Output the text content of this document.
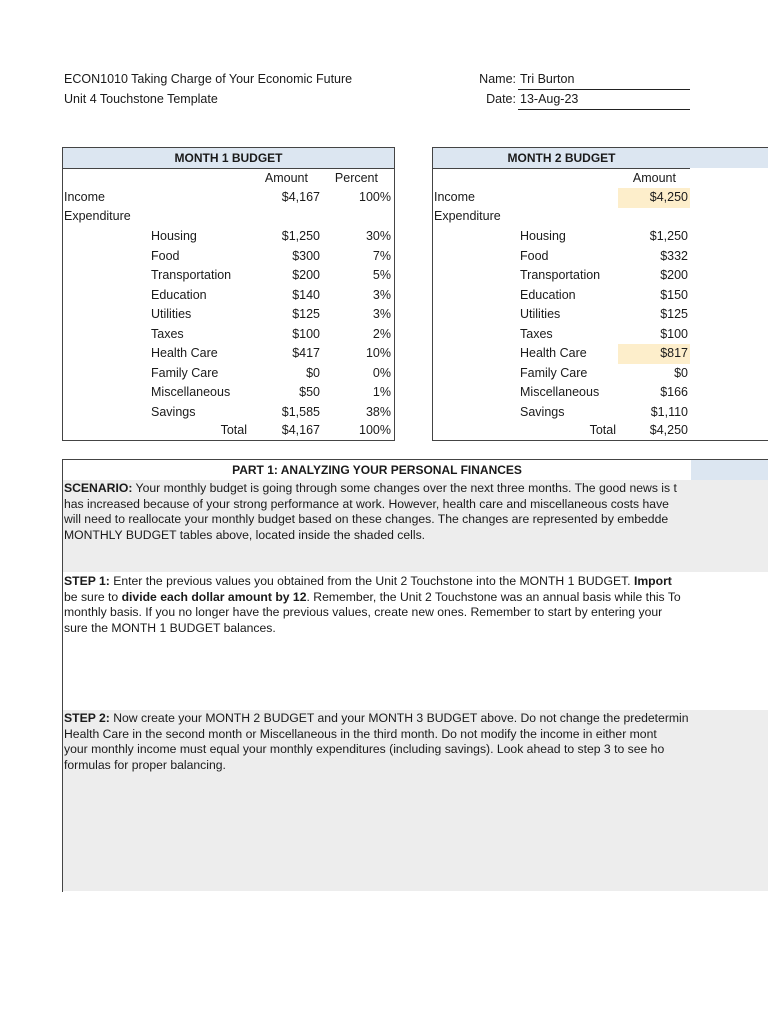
ECON1010 Taking Charge of Your Economic Future
Unit 4 Touchstone Template
Name: Tri Burton
Date: 13-Aug-23
MONTH 1 BUDGET
Amount	Percent
Income	$4,167	100%
Expenditure
Housing	$1,250	30%
Food	$300	7%
Transportation	$200	5%
Education	$140	3%
Utilities	$125	3%
Taxes	$100	2%
Health Care	$417	10%
Family Care	$0	0%
Miscellaneous	$50	1%
Savings	$1,585	38%
Total	$4,167	100%
MONTH 2 BUDGET
Amount
Income	$4,250
Expenditure
Housing	$1,250
Food	$332
Transportation	$200
Education	$150
Utilities	$125
Taxes	$100
Health Care	$817
Family Care	$0
Miscellaneous	$166
Savings	$1,110
Total	$4,250
PART 1: ANALYZING YOUR PERSONAL FINANCES
SCENARIO: Your monthly budget is going through some changes over the next three months. The good news is t
has increased because of your strong performance at work. However, health care and miscellaneous costs have
will need to reallocate your monthly budget based on these changes. The changes are represented by embedde
MONTHLY BUDGET tables above, located inside the shaded cells.
STEP 1: Enter the previous values you obtained from the Unit 2 Touchstone into the MONTH 1 BUDGET. Import
be sure to divide each dollar amount by 12. Remember, the Unit 2 Touchstone was an annual basis while this To
monthly basis. If you no longer have the previous values, create new ones. Remember to start by entering your
sure the MONTH 1 BUDGET balances.
STEP 2: Now create your MONTH 2 BUDGET and your MONTH 3 BUDGET above. Do not change the predetermin
Health Care in the second month or Miscellaneous in the third month. Do not modify the income in either mont
your monthly income must equal your monthly expenditures (including savings). Look ahead to step 3 to see ho
formulas for proper balancing.
